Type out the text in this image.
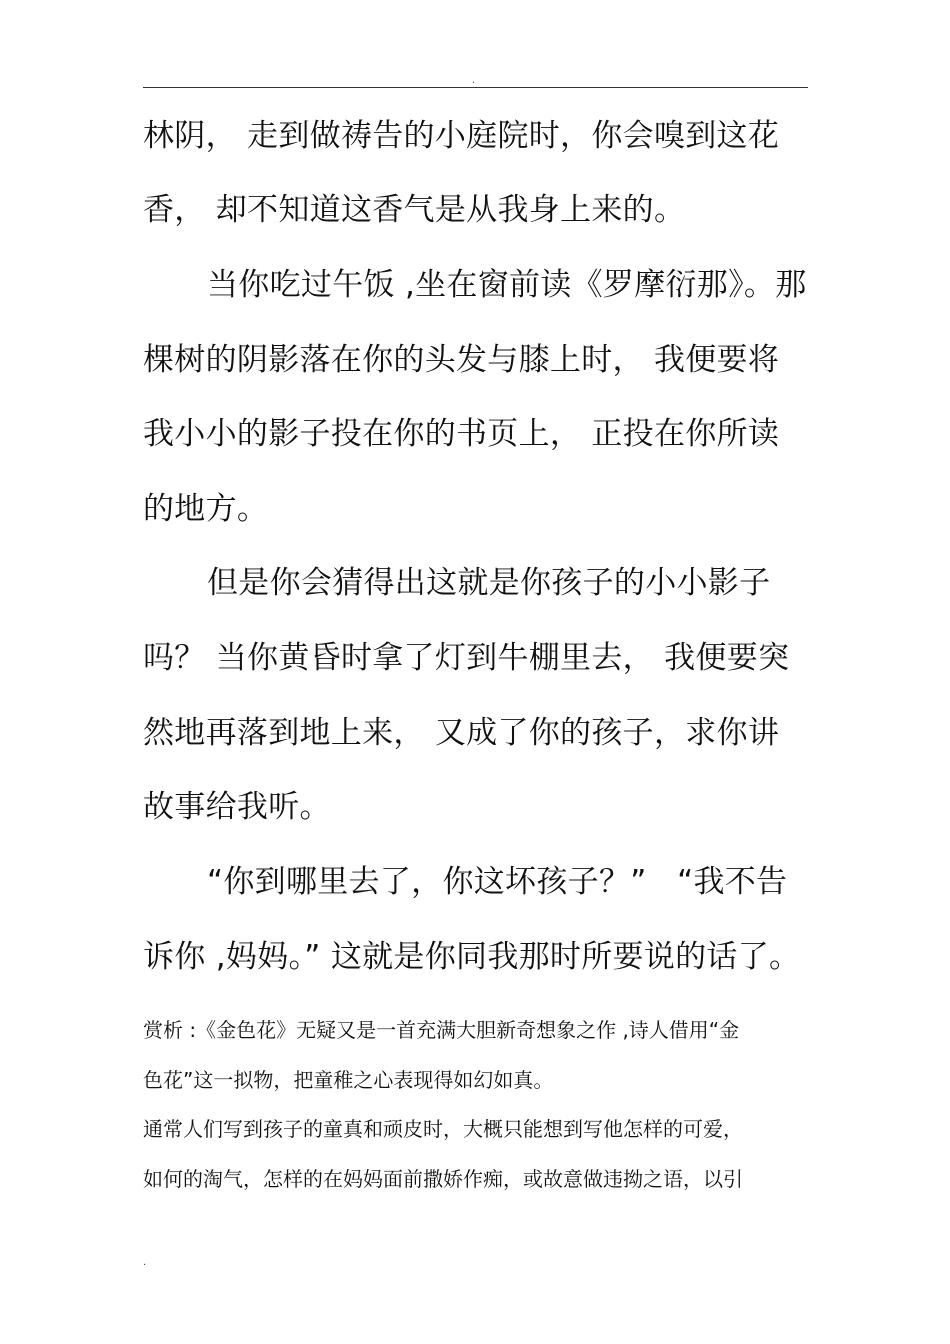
.
林阴， 走到做祷告的小庭院时，你会嗅到这花
香， 却不知道这香气是从我身上来的。
当你吃过午饭 ,坐在窗前读《罗摩衍那》。那
棵树的阴影落在你的头发与膝上时， 我便要将
我小小的影子投在你的书页上， 正投在你所读
的地方。
但是你会猜得出这就是你孩子的小小影子
吗？ 当你黄昏时拿了灯到牛棚里去， 我便要突
然地再落到地上来， 又成了你的孩子，求你讲
故事给我听。
“你到哪里去了，你这坏孩子？”   “我不告
诉你 ,妈妈。” 这就是你同我那时所要说的话了。
赏析 :《金色花》无疑又是一首充满大胆新奇想象之作 ,诗人借用“金
色花”这一拟物，把童稚之心表现得如幻如真。
通常人们写到孩子的童真和顽皮时，大概只能想到写他怎样的可爱，
如何的淘气，怎样的在妈妈面前撒娇作痴，或故意做违拗之语，以引
.
